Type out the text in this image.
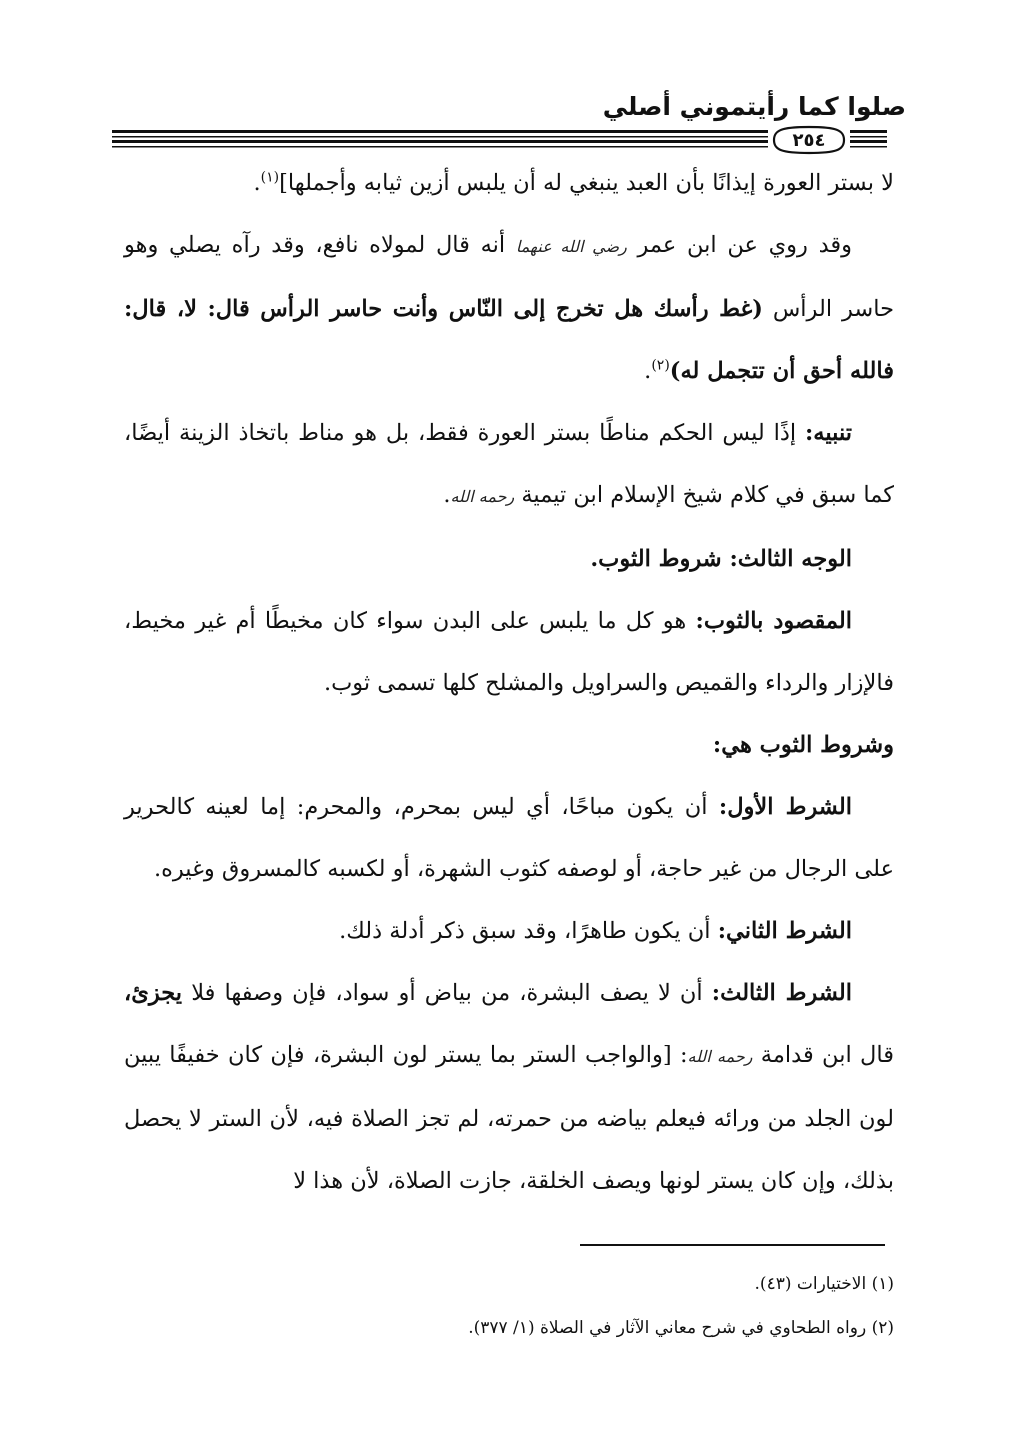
صلوا كما رأيتموني أصلي
٢٥٤

لا بستر العورة إيذانًا بأن العبد ينبغي له أن يلبس أزين ثيابه وأجملها]$^{(١)}$.

وقد روي عن ابن عمر رضي الله عنهما أنه قال لمولاه نافع، وقد رآه يصلي وهو حاسر الرأس (غط رأسك هل تخرج إلى النّاس وأنت حاسر الرأس قال: لا، قال: فالله أحق أن تتجمل له)$^{(٢)}$.

تنبيه: إذًا ليس الحكم مناطًا بستر العورة فقط، بل هو مناط باتخاذ الزينة أيضًا، كما سبق في كلام شيخ الإسلام ابن تيمية رحمه الله.

الوجه الثالث: شروط الثوب.

المقصود بالثوب: هو كل ما يلبس على البدن سواء كان مخيطًا أم غير مخيط، فالإزار والرداء والقميص والسراويل والمشلح كلها تسمى ثوب.

وشروط الثوب هي:

الشرط الأول: أن يكون مباحًا، أي ليس بمحرم، والمحرم: إما لعينه كالحرير على الرجال من غير حاجة، أو لوصفه كثوب الشهرة، أو لكسبه كالمسروق وغيره.

الشرط الثاني: أن يكون طاهرًا، وقد سبق ذكر أدلة ذلك.

الشرط الثالث: أن لا يصف البشرة، من بياض أو سواد، فإن وصفها فلا يجزئ، قال ابن قدامة رحمه الله: [والواجب الستر بما يستر لون البشرة، فإن كان خفيفًا يبين لون الجلد من ورائه فيعلم بياضه من حمرته، لم تجز الصلاة فيه، لأن الستر لا يحصل بذلك، وإن كان يستر لونها ويصف الخلقة، جازت الصلاة، لأن هذا لا

(١) الاختيارات (٤٣).

(٢) رواه الطحاوي في شرح معاني الآثار في الصلاة (١/ ٣٧٧).
